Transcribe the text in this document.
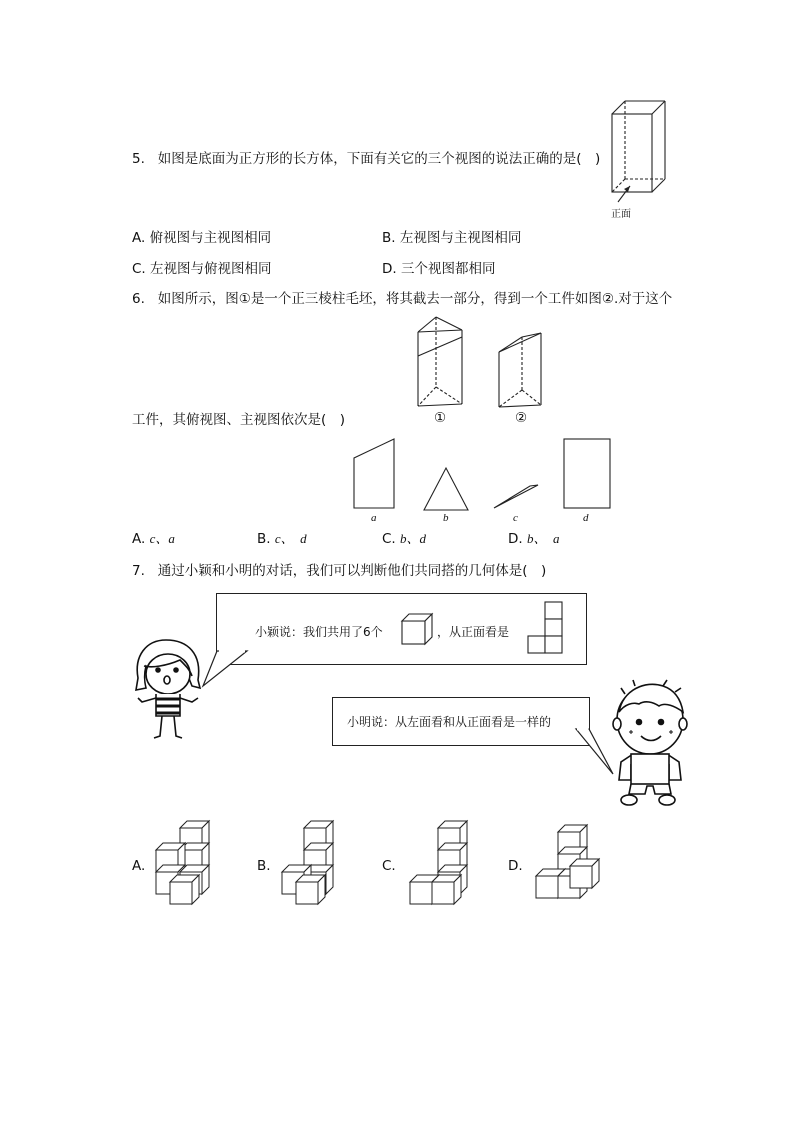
5. 如图是底面为正方形的长方体，下面有关它的三个视图的说法正确的是(　)
正面
A. 俯视图与主视图相同	B. 左视图与主视图相同
C. 左视图与俯视图相同	D. 三个视图都相同
6. 如图所示，图①是一个正三棱柱毛坯，将其截去一部分，得到一个工件如图②.对于这个
工件，其俯视图、主视图依次是(　)	①	②
a	b	c	d
A. c、a	B. c、　d	C. b、d	D. b、　a
7. 通过小颖和小明的对话，我们可以判断他们共同搭的几何体是(　)
小颖说：我们共用了6个	，从正面看是
小明说：从左面看和从正面看是一样的
A.	B.	C.	D.
